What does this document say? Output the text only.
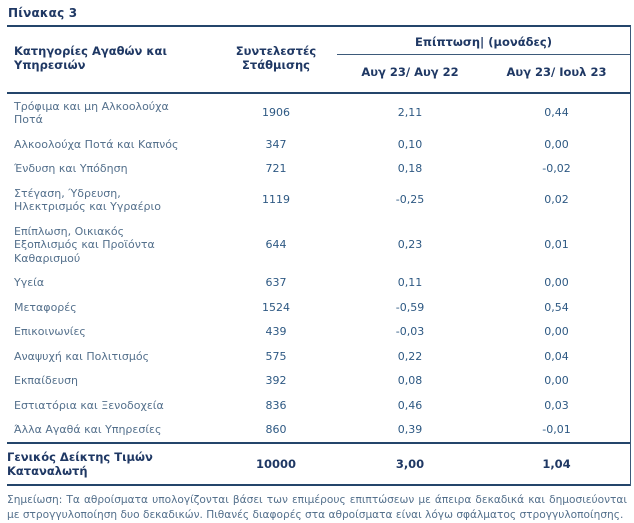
Πίνακας 3
Κατηγορίες Αγαθών και Υπηρεσιών	Συντελεστές Στάθμισης	Επίπτωση| (μονάδες)	
		Αυγ 23/ Αυγ 22	Αυγ 23/ Ιουλ 23
Τρόφιμα και μη Αλκοολούχα Ποτά	1906	2,11	0,44
Αλκοολούχα Ποτά και Καπνός	347	0,10	0,00
Ένδυση και Υπόδηση	721	0,18	-0,02
Στέγαση, Ύδρευση, Ηλεκτρισμός και Υγραέριο	1119	-0,25	0,02
Επίπλωση, Οικιακός Εξοπλισμός και Προϊόντα Καθαρισμού	644	0,23	0,01
Υγεία	637	0,11	0,00
Μεταφορές	1524	-0,59	0,54
Επικοινωνίες	439	-0,03	0,00
Αναψυχή και Πολιτισμός	575	0,22	0,04
Εκπαίδευση	392	0,08	0,00
Εστιατόρια και Ξενοδοχεία	836	0,46	0,03
Άλλα Αγαθά και Υπηρεσίες	860	0,39	-0,01
Γενικός Δείκτης Τιμών Καταναλωτή	10000	3,00	1,04
Σημείωση: Τα αθροίσματα υπολογίζονται βάσει των επιμέρους επιπτώσεων με άπειρα δεκαδικά και δημοσιεύονται με στρογγυλοποίηση δυο δεκαδικών. Πιθανές διαφορές στα αθροίσματα είναι λόγω σφάλματος στρογγυλοποίησης.
